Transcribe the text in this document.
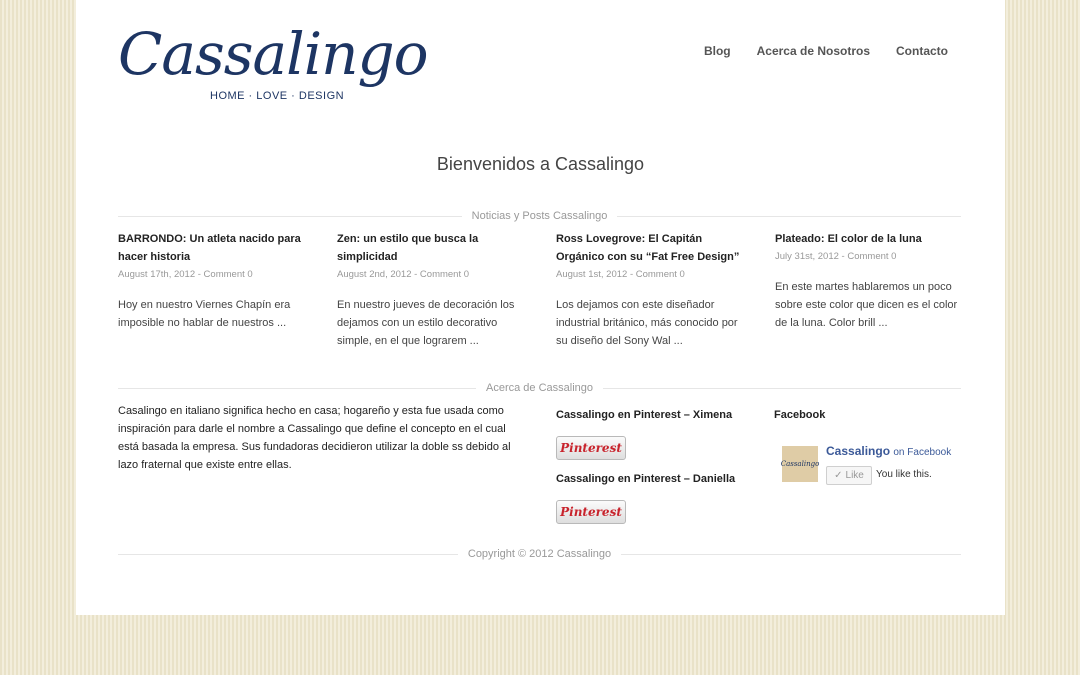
Cassalingo
HOME · LOVE · DESIGN
Blog Acerca de Nosotros Contacto
Bienvenidos a Cassalingo
Noticias y Posts Cassalingo
BARRONDO: Un atleta nacido para hacer historia
August 17th, 2012 - Comment 0
Hoy en nuestro Viernes Chapín era imposible no hablar de nuestros ...
Zen: un estilo que busca la simplicidad
August 2nd, 2012 - Comment 0
En nuestro jueves de decoración los dejamos con un estilo decorativo simple, en el que lograrem ...
Ross Lovegrove: El Capitán Orgánico con su “Fat Free Design”
August 1st, 2012 - Comment 0
Los dejamos con este diseñador industrial británico, más conocido por su diseño del Sony Wal ...
Plateado: El color de la luna
July 31st, 2012 - Comment 0
En este martes hablaremos un poco sobre este color que dicen es el color de la luna. Color brill ...
Acerca de Cassalingo
Casalingo en italiano significa hecho en casa; hogareño y esta fue usada como inspiración para darle el nombre a Cassalingo que define el concepto en el cual está basada la empresa. Sus fundadoras decidieron utilizar la doble ss debido al lazo fraternal que existe entre ellas.
Cassalingo en Pinterest – Ximena
Pinterest
Cassalingo en Pinterest – Daniella
Pinterest
Facebook
Cassalingo
Cassalingo on Facebook
✓ Like You like this.
Copyright © 2012 Cassalingo
